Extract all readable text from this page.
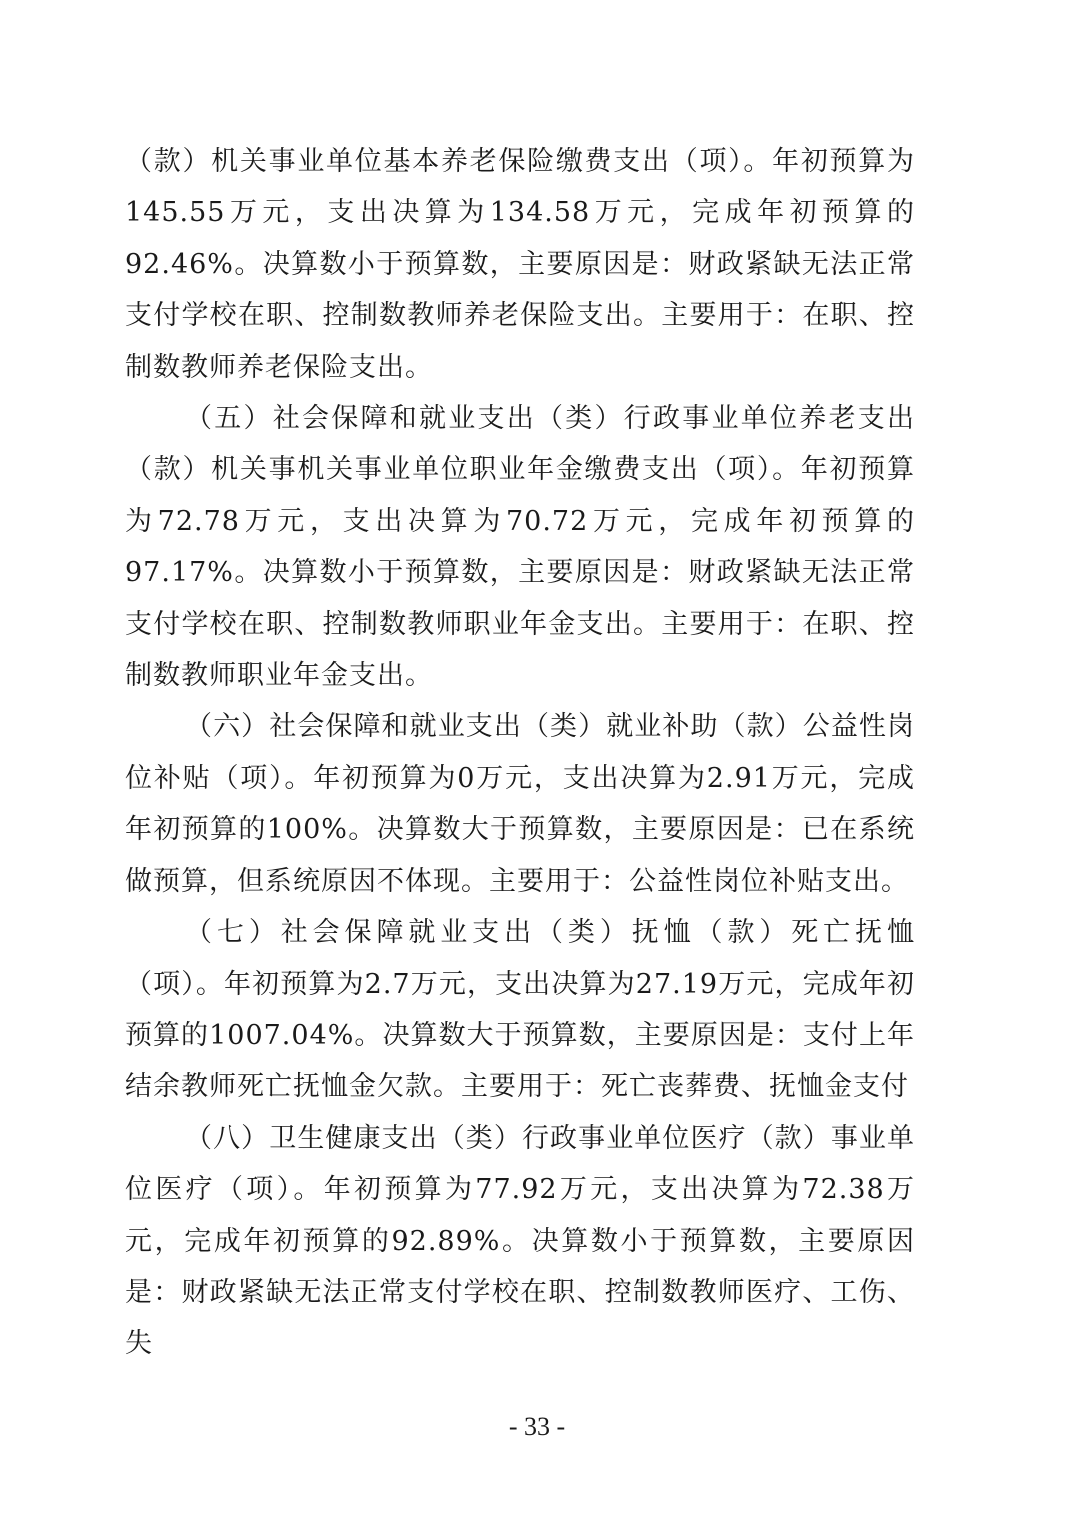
（款）机关事业单位基本养老保险缴费支出（项）。年初预算为145.55万元，支出决算为134.58万元，完成年初预算的92.46%。决算数小于预算数，主要原因是：财政紧缺无法正常支付学校在职、控制数教师养老保险支出。主要用于：在职、控制数教师养老保险支出。

（五）社会保障和就业支出（类）行政事业单位养老支出（款）机关事机关事业单位职业年金缴费支出（项）。年初预算为72.78万元，支出决算为70.72万元，完成年初预算的97.17%。决算数小于预算数，主要原因是：财政紧缺无法正常支付学校在职、控制数教师职业年金支出。主要用于：在职、控制数教师职业年金支出。

（六）社会保障和就业支出（类）就业补助（款）公益性岗位补贴（项）。年初预算为0万元，支出决算为2.91万元，完成年初预算的100%。决算数大于预算数，主要原因是：已在系统做预算，但系统原因不体现。主要用于：公益性岗位补贴支出。

（七）社会保障就业支出（类）抚恤（款）死亡抚恤（项）。年初预算为2.7万元，支出决算为27.19万元，完成年初预算的1007.04%。决算数大于预算数，主要原因是：支付上年结余教师死亡抚恤金欠款。主要用于：死亡丧葬费、抚恤金支付

（八）卫生健康支出（类）行政事业单位医疗（款）事业单位医疗（项）。年初预算为77.92万元，支出决算为72.38万元，完成年初预算的92.89%。决算数小于预算数，主要原因是：财政紧缺无法正常支付学校在职、控制数教师医疗、工伤、失

- 33 -
